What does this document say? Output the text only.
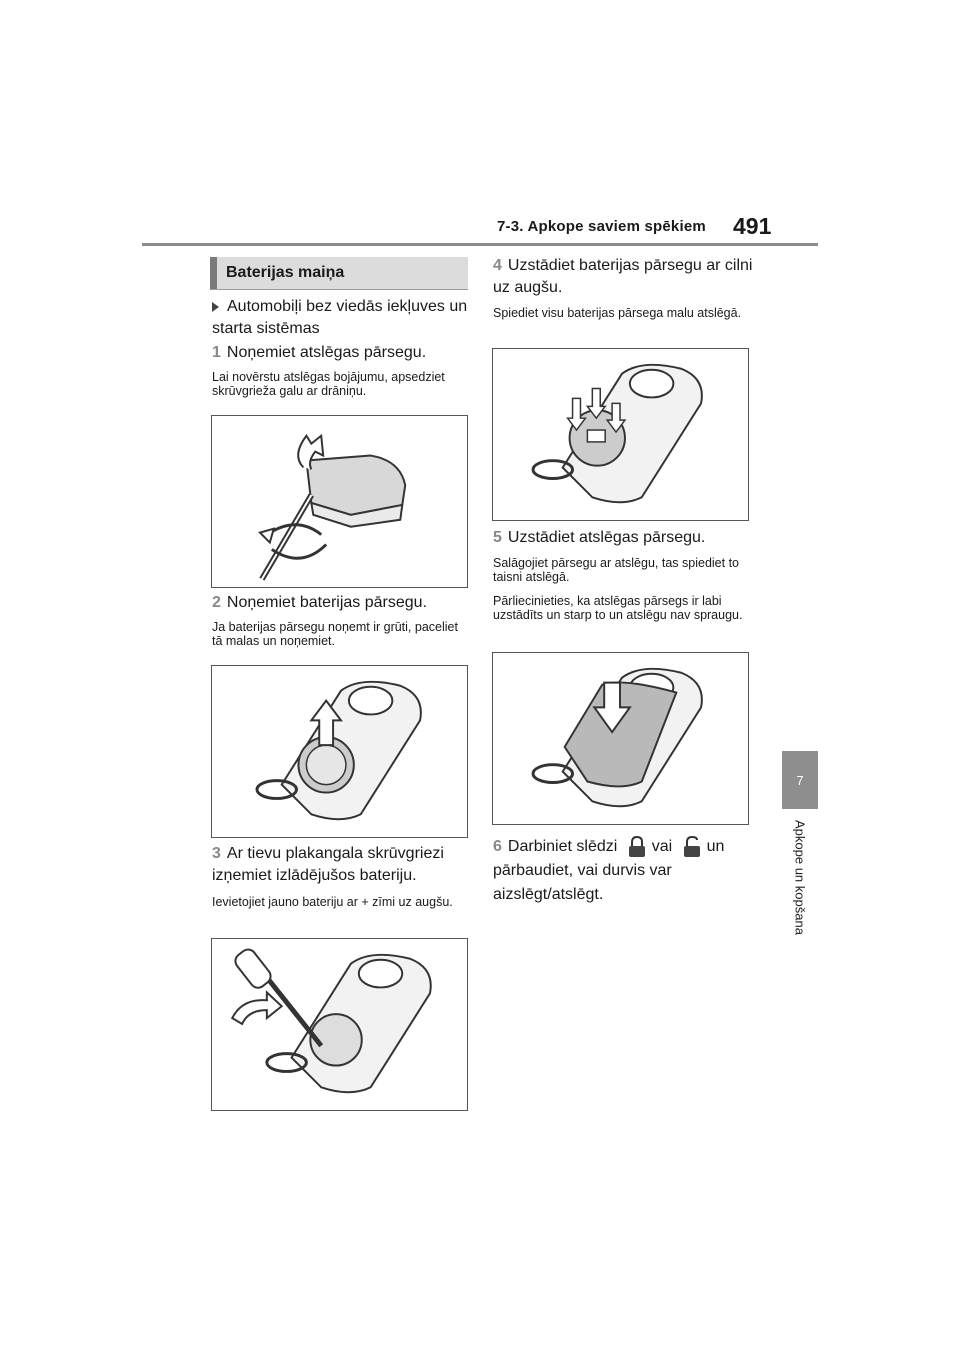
7-3. Apkope saviem spēkiem 491
7
Apkope un kopšana
Baterijas maiņa
Automobiļi bez viedās iekļuves un starta sistēmas
1 Noņemiet atslēgas pārsegu.
Lai novērstu atslēgas bojājumu, apsedziet skrūvgrieža galu ar drāniņu.
2 Noņemiet baterijas pārsegu.
Ja baterijas pārsegu noņemt ir grūti, paceliet tā malas un noņemiet.
3 Ar tievu plakangala skrūvgriezi izņemiet izlādējušos bateriju.
Ievietojiet jauno bateriju ar + zīmi uz augšu.
4 Uzstādiet baterijas pārsegu ar cilni uz augšu.
Spiediet visu baterijas pārsega malu atslēgā.
5 Uzstādiet atslēgas pārsegu.
Salāgojiet pārsegu ar atslēgu, tas spiediet to taisni atslēgā.
Pārliecinieties, ka atslēgas pārsegs ir labi uzstādīts un starp to un atslēgu nav spraugu.
6 Darbiniet slēdzi vai un pārbaudiet, vai durvis var aizslēgt/atslēgt.
